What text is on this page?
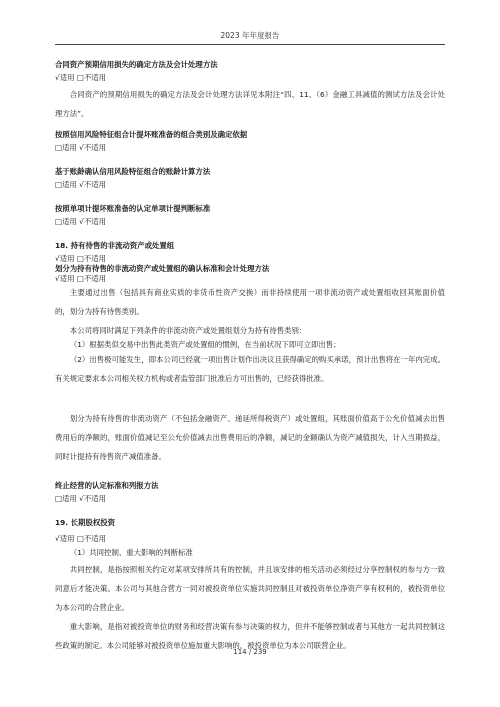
2023 年年度报告
合同资产预期信用损失的确定方法及会计处理方法
√适用 □不适用
合同资产的预期信用损失的确定方法及会计处理方法详见本附注“四、11、（6）金融工具减值的测试方法及会计处理方法”。
按照信用风险特征组合计提坏账准备的组合类别及确定依据
□适用 √不适用
基于账龄确认信用风险特征组合的账龄计算方法
□适用 √不适用
按照单项计提坏账准备的认定单项计提判断标准
□适用 √不适用
18. 持有待售的非流动资产或处置组
√适用 □不适用
划分为持有待售的非流动资产或处置组的确认标准和会计处理方法
√适用 □不适用
主要通过出售（包括具有商业实质的非货币性资产交换）而非持续使用一项非流动资产或处置组收回其账面价值的，划分为持有待售类别。
本公司将同时满足下列条件的非流动资产或处置组划分为持有待售类别：
（1）根据类似交易中出售此类资产或处置组的惯例，在当前状况下即可立即出售；
（2）出售极可能发生，即本公司已经就一项出售计划作出决议且获得确定的购买承诺，预计出售将在一年内完成。有关规定要求本公司相关权力机构或者监管部门批准后方可出售的，已经获得批准。
划分为持有待售的非流动资产（不包括金融资产、递延所得税资产）或处置组，其账面价值高于公允价值减去出售费用后的净额的，账面价值减记至公允价值减去出售费用后的净额，减记的金额确认为资产减值损失，计入当期损益，同时计提持有待售资产减值准备。
终止经营的认定标准和列报方法
□适用 √不适用
19. 长期股权投资
√适用 □不适用
（1）共同控制、重大影响的判断标准
共同控制，是指按照相关约定对某项安排所共有的控制，并且该安排的相关活动必须经过分享控制权的参与方一致同意后才能决策。本公司与其他合营方一同对被投资单位实施共同控制且对被投资单位净资产享有权利的，被投资单位为本公司的合营企业。
重大影响，是指对被投资单位的财务和经营决策有参与决策的权力，但并不能够控制或者与其他方一起共同控制这些政策的制定。本公司能够对被投资单位施加重大影响的，被投资单位为本公司联营企业。
114 / 239
